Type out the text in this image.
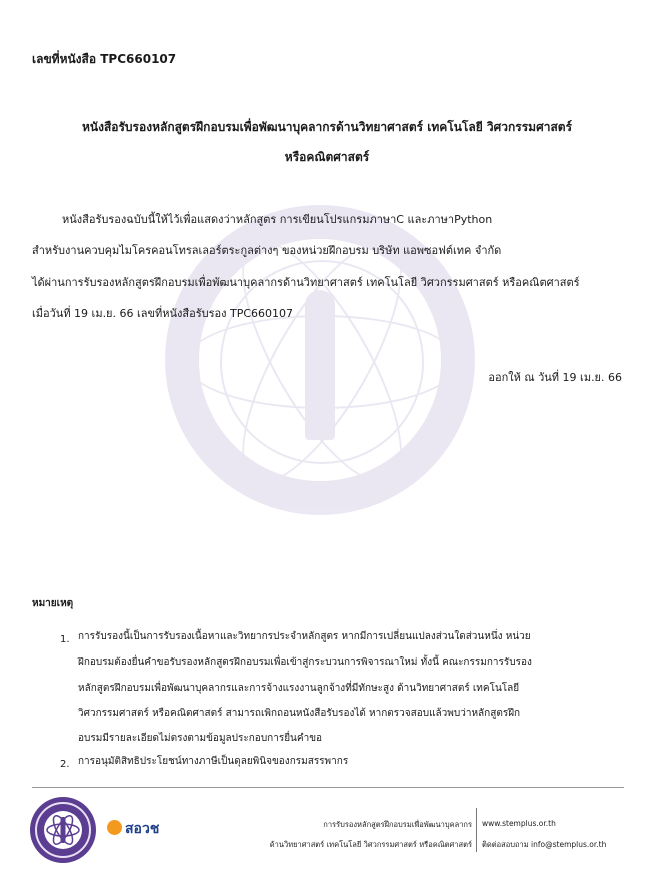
เลขที่หนังสือ TPC660107
หนังสือรับรองหลักสูตรฝึกอบรมเพื่อพัฒนาบุคลากรด้านวิทยาศาสตร์ เทคโนโลยี วิศวกรรมศาสตร์
หรือคณิตศาสตร์
หนังสือรับรองฉบับนี้ให้ไว้เพื่อแสดงว่าหลักสูตร การเขียนโปรแกรมภาษาC และภาษาPython
สำหรับงานควบคุมไมโครคอนโทรลเลอร์ตระกูลต่างๆ ของหน่วยฝึกอบรม บริษัท แอพซอฟต์เทค จำกัด
ได้ผ่านการรับรองหลักสูตรฝึกอบรมเพื่อพัฒนาบุคลากรด้านวิทยาศาสตร์ เทคโนโลยี วิศวกรรมศาสตร์ หรือคณิตศาสตร์
เมื่อวันที่ 19 เม.ย. 66 เลขที่หนังสือรับรอง TPC660107
ออกให้ ณ วันที่ 19 เม.ย. 66
หมายเหตุ
1. การรับรองนี้เป็นการรับรองเนื้อหาและวิทยากรประจำหลักสูตร หากมีการเปลี่ยนแปลงส่วนใดส่วนหนึ่ง หน่วย
ฝึกอบรมต้องยื่นคำขอรับรองหลักสูตรฝึกอบรมเพื่อเข้าสู่กระบวนการพิจารณาใหม่ ทั้งนี้ คณะกรรมการรับรอง
หลักสูตรฝึกอบรมเพื่อพัฒนาบุคลากรและการจ้างแรงงานลูกจ้างที่มีทักษะสูง ด้านวิทยาศาสตร์ เทคโนโลยี
วิศวกรรมศาสตร์ หรือคณิตศาสตร์ สามารถเพิกถอนหนังสือรับรองได้ หากตรวจสอบแล้วพบว่าหลักสูตรฝึก
อบรมมีรายละเอียดไม่ตรงตามข้อมูลประกอบการยื่นคำขอ
2. การอนุมัติสิทธิประโยชน์ทางภาษีเป็นดุลยพินิจของกรมสรรพากร
สอวช	การรับรองหลักสูตรฝึกอบรมเพื่อพัฒนาบุคลากร
ด้านวิทยาศาสตร์ เทคโนโลยี วิศวกรรมศาสตร์ หรือคณิตศาสตร์
www.stemplus.or.th
ติดต่อสอบถาม info@stemplus.or.th
